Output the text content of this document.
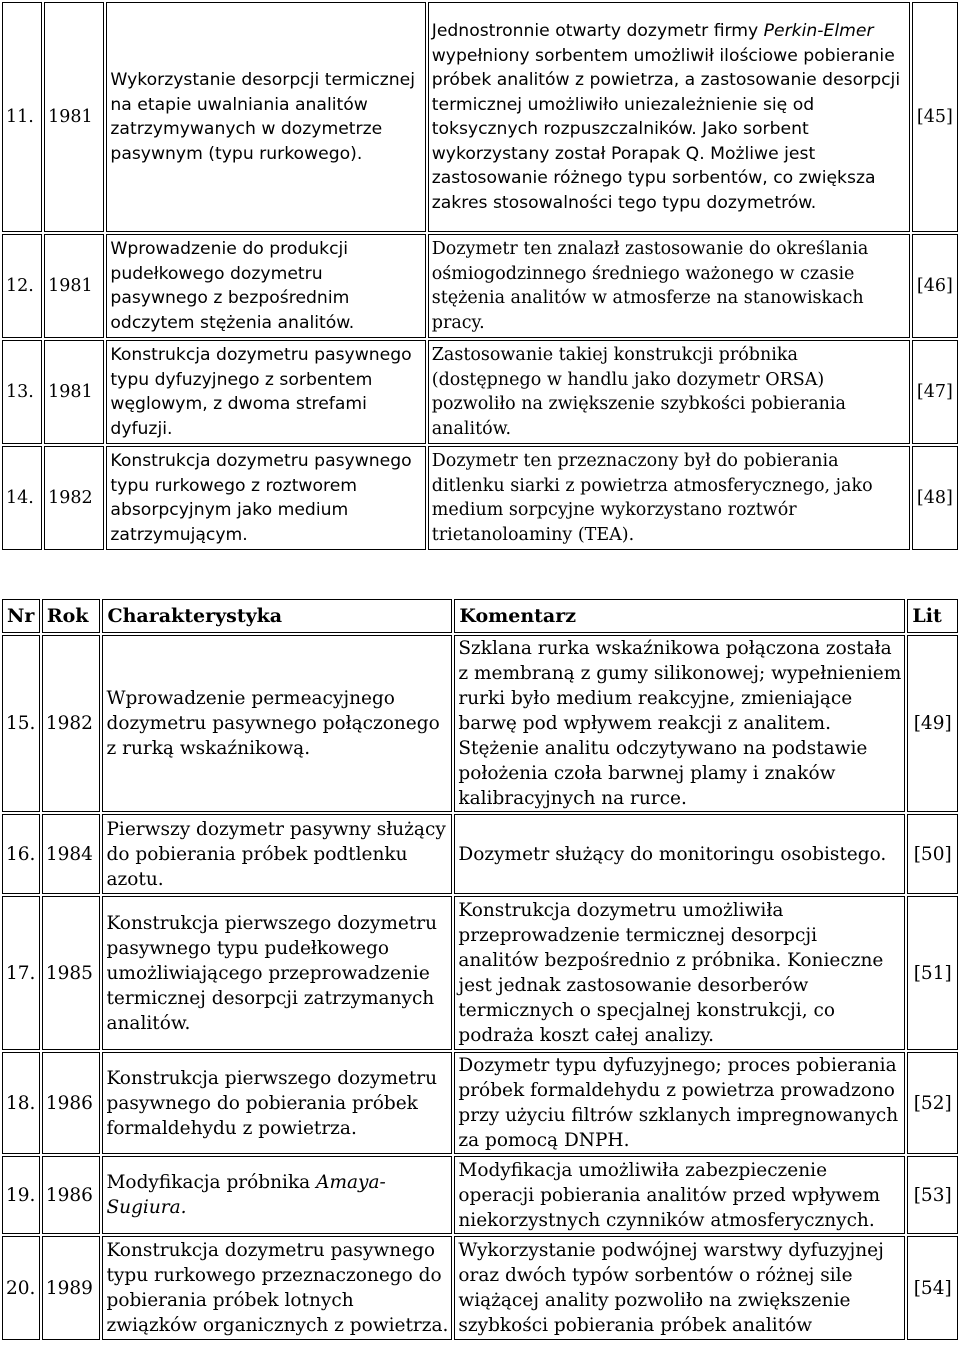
11.	1981	Wykorzystanie desorpcji termicznej na etapie uwalniania analitów zatrzymywanych w dozymetrze pasywnym (typu rurkowego).	Jednostronnie otwarty dozymetr firmy Perkin-Elmer wypełniony sorbentem umożliwił ilościowe pobieranie próbek analitów z powietrza, a zastosowanie desorpcji termicznej umożliwiło uniezależnienie się od toksycznych rozpuszczalników. Jako sorbent wykorzystany został Porapak Q. Możliwe jest zastosowanie różnego typu sorbentów, co zwiększa zakres stosowalności tego typu dozymetrów.	[45]
12.	1981	Wprowadzenie do produkcji pudełkowego dozymetru pasywnego z bezpośrednim odczytem stężenia analitów.	Dozymetr ten znalazł zastosowanie do określania ośmiogodzinnego średniego ważonego w czasie stężenia analitów w atmosferze na stanowiskach pracy.	[46]
13.	1981	Konstrukcja dozymetru pasywnego typu dyfuzyjnego z sorbentem węglowym, z dwoma strefami dyfuzji.	Zastosowanie takiej konstrukcji próbnika (dostępnego w handlu jako dozymetr ORSA) pozwoliło na zwiększenie szybkości pobierania analitów.	[47]
14.	1982	Konstrukcja dozymetru pasywnego typu rurkowego z roztworem absorpcyjnym jako medium zatrzymującym.	Dozymetr ten przeznaczony był do pobierania ditlenku siarki z powietrza atmosferycznego, jako medium sorpcyjne wykorzystano roztwór trietanoloaminy (TEA).	[48]
Nr	Rok	Charakterystyka	Komentarz	Lit
15.	1982	Wprowadzenie permeacyjnego dozymetru pasywnego połączonego z rurką wskaźnikową.	Szklana rurka wskaźnikowa połączona została z membraną z gumy silikonowej; wypełnieniem rurki było medium reakcyjne, zmieniające barwę pod wpływem reakcji z analitem. Stężenie analitu odczytywano na podstawie położenia czoła barwnej plamy i znaków kalibracyjnych na rurce.	[49]
16.	1984	Pierwszy dozymetr pasywny służący do pobierania próbek podtlenku azotu.	Dozymetr służący do monitoringu osobistego.	[50]
17.	1985	Konstrukcja pierwszego dozymetru pasywnego typu pudełkowego umożliwiającego przeprowadzenie termicznej desorpcji zatrzymanych analitów.	Konstrukcja dozymetru umożliwiła przeprowadzenie termicznej desorpcji analitów bezpośrednio z próbnika. Konieczne jest jednak zastosowanie desorberów termicznych o specjalnej konstrukcji, co podraża koszt całej analizy.	[51]
18.	1986	Konstrukcja pierwszego dozymetru pasywnego do pobierania próbek formaldehydu z powietrza.	Dozymetr typu dyfuzyjnego; proces pobierania próbek formaldehydu z powietrza prowadzono przy użyciu filtrów szklanych impregnowanych za pomocą DNPH.	[52]
19.	1986	Modyfikacja próbnika Amaya-Sugiura.	Modyfikacja umożliwiła zabezpieczenie operacji pobierania analitów przed wpływem niekorzystnych czynników atmosferycznych.	[53]
20.	1989	Konstrukcja dozymetru pasywnego typu rurkowego przeznaczonego do pobierania próbek lotnych związków organicznych z powietrza.	Wykorzystanie podwójnej warstwy dyfuzyjnej oraz dwóch typów sorbentów o różnej sile wiążącej anality pozwoliło na zwiększenie szybkości pobierania próbek analitów	[54]
